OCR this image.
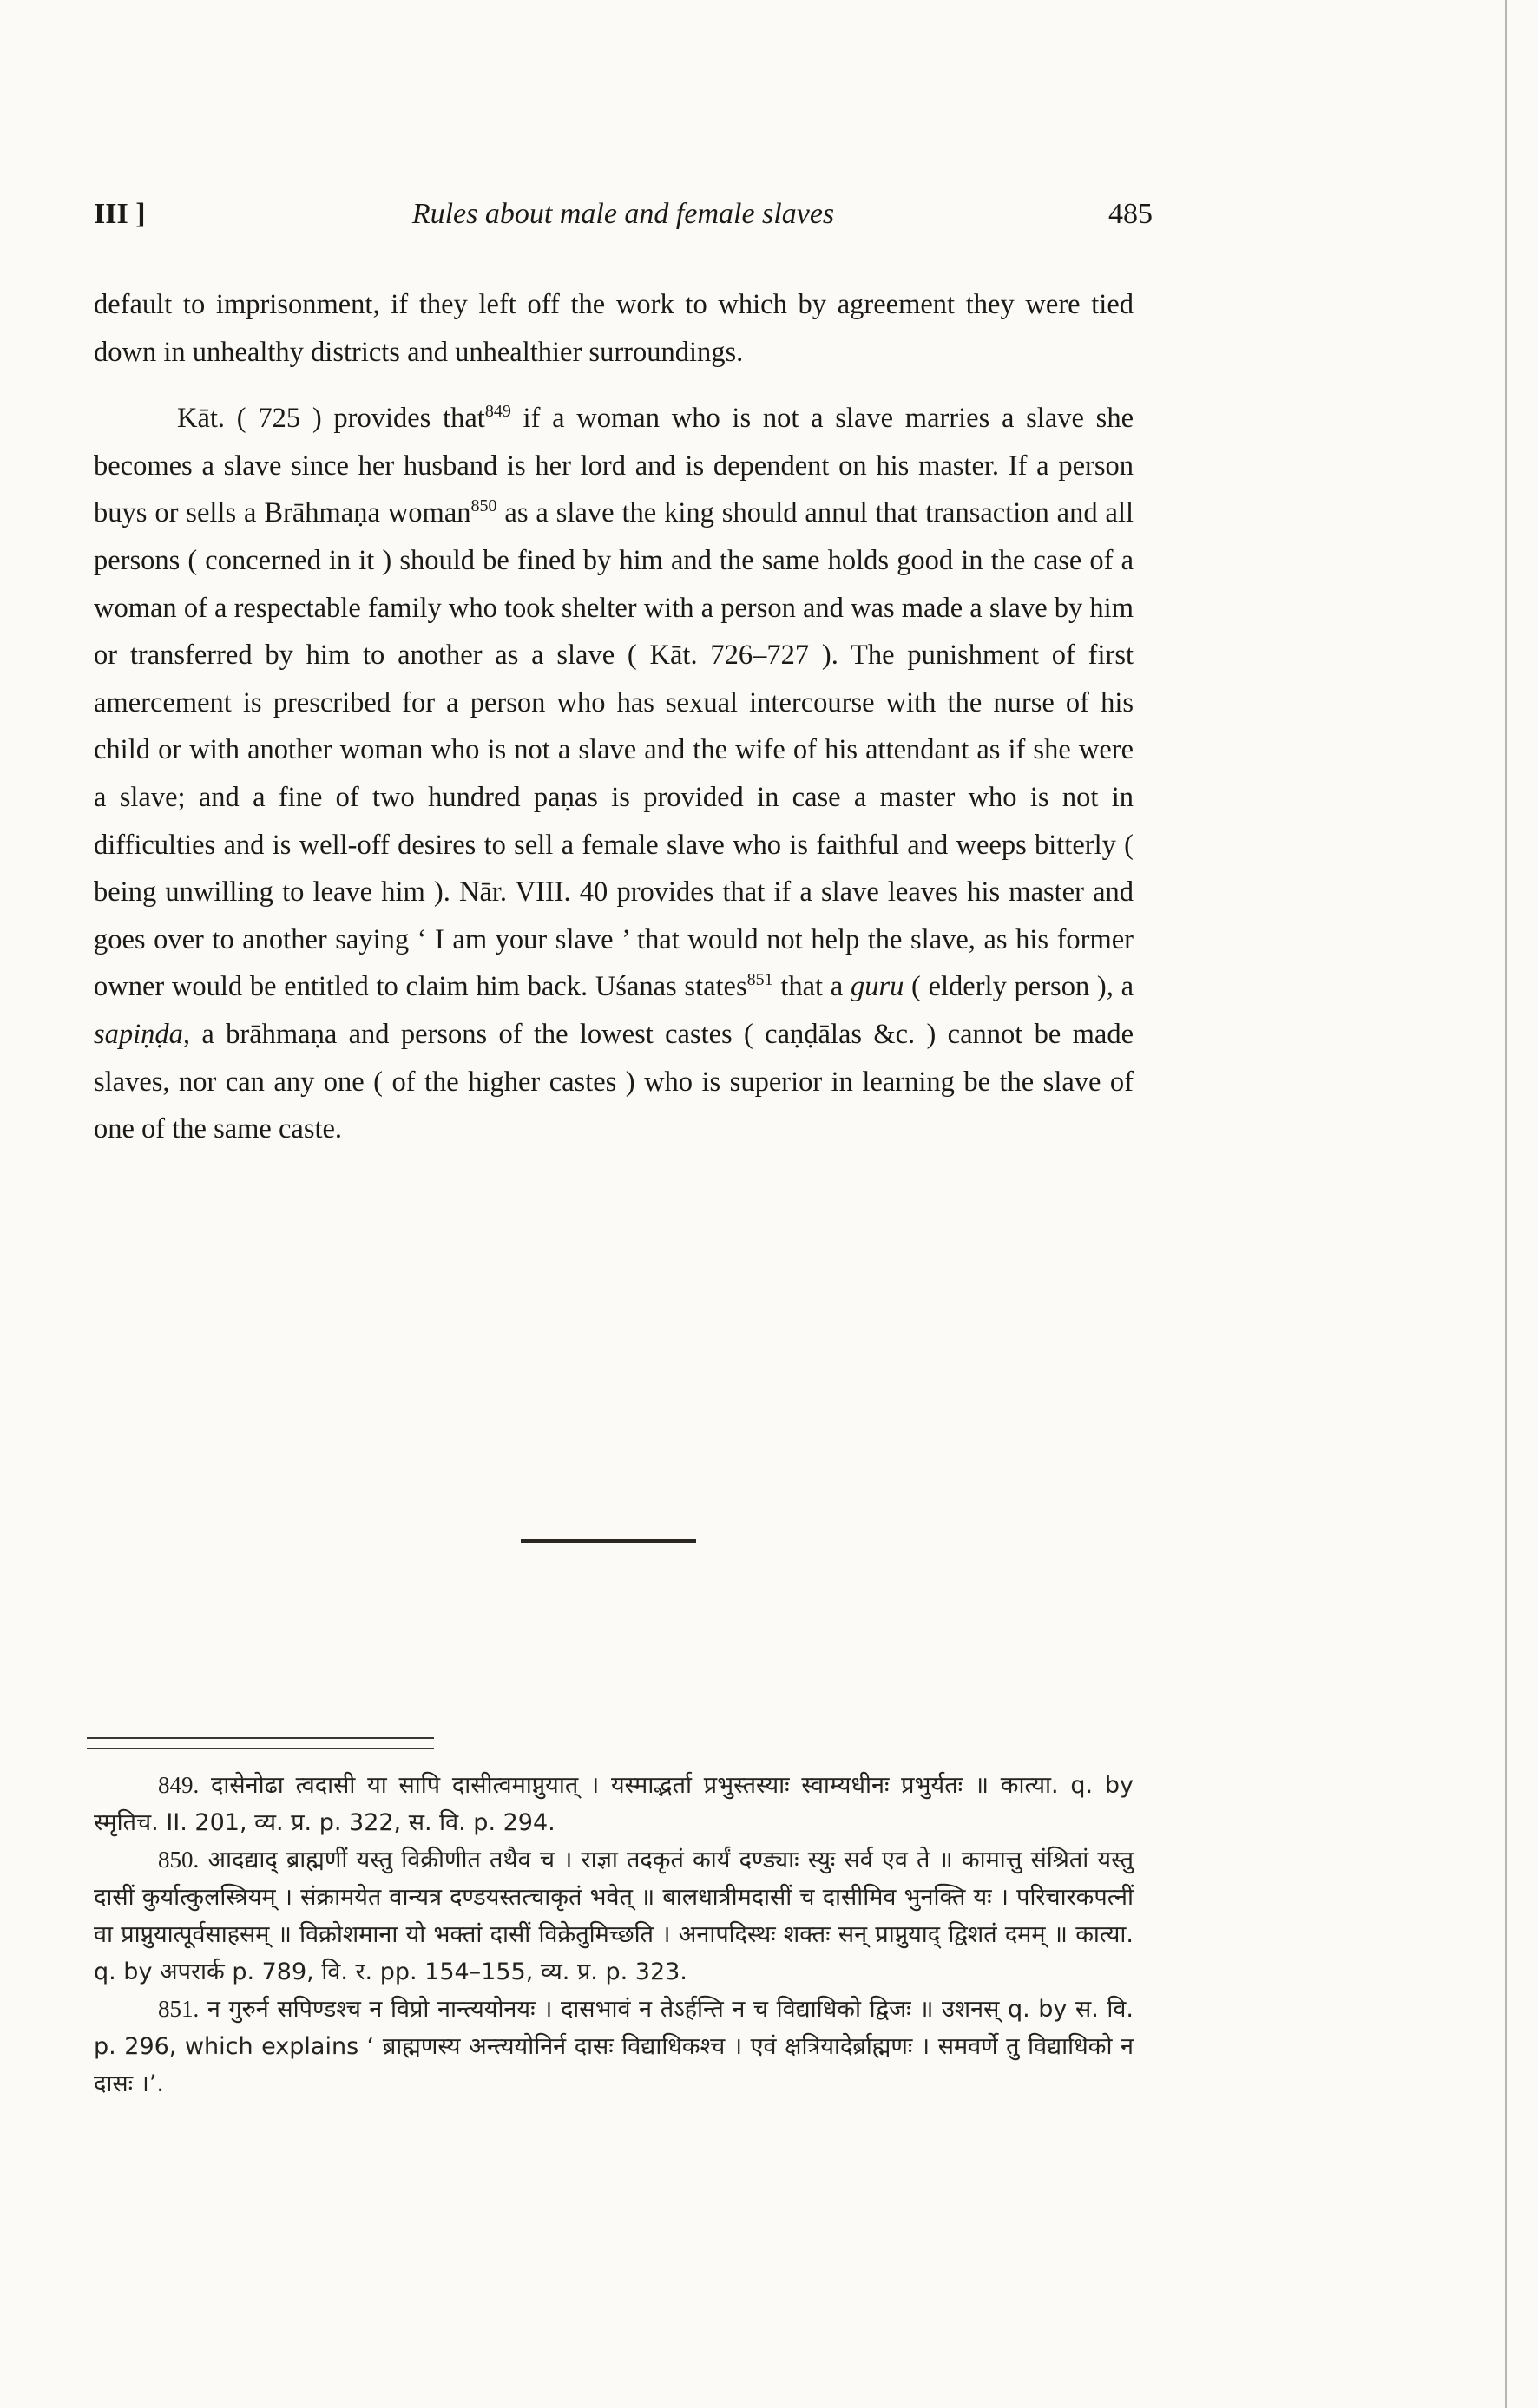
III ]	Rules about male and female slaves	485

default to imprisonment, if they left off the work to which by agreement they were tied down in unhealthy districts and unhealthier surroundings.

Kāt. ( 725 ) provides that$^{849}$ if a woman who is not a slave marries a slave she becomes a slave since her husband is her lord and is dependent on his master. If a person buys or sells a Brāhmaṇa woman$^{850}$ as a slave the king should annul that transaction and all persons ( concerned in it ) should be fined by him and the same holds good in the case of a woman of a respectable family who took shelter with a person and was made a slave by him or transferred by him to another as a slave ( Kāt. 726–727 ). The punishment of first amercement is prescribed for a person who has sexual intercourse with the nurse of his child or with another woman who is not a slave and the wife of his attendant as if she were a slave; and a fine of two hundred paṇas is provided in case a master who is not in difficulties and is well-off desires to sell a female slave who is faithful and weeps bitterly ( being unwilling to leave him ). Nār. VIII. 40 provides that if a slave leaves his master and goes over to another saying ‘ I am your slave ’ that would not help the slave, as his former owner would be entitled to claim him back. Uśanas states$^{851}$ that a guru ( elderly person ), a sapiṇḍa, a brāhmaṇa and persons of the lowest castes ( caṇḍālas &c. ) cannot be made slaves, nor can any one ( of the higher castes ) who is superior in learning be the slave of one of the same caste.

849. दासेनोढा त्वदासी या सापि दासीत्वमाप्नुयात् । यस्माद्भर्ता प्रभुस्तस्याः स्वाम्यधीनः प्रभुर्यतः ॥ कात्या. q. by स्मृतिच. II. 201, व्य. प्र. p. 322, स. वि. p. 294.

850. आदद्याद् ब्राह्मणीं यस्तु विक्रीणीत तथैव च । राज्ञा तदकृतं कार्यं दण्ड्याः स्युः सर्व एव ते ॥ कामात्तु संश्रितां यस्तु दासीं कुर्यात्कुलस्त्रियम् । संक्रामयेत वान्यत्र दण्डयस्तत्चाकृतं भवेत् ॥ बालधात्रीमदासीं च दासीमिव भुनक्ति यः । परिचारकपत्नीं वा प्राप्नुयात्पूर्वसाहसम् ॥ विक्रोशमाना यो भक्तां दासीं विक्रेतुमिच्छति । अनापदिस्थः शक्तः सन् प्राप्नुयाद् द्विशतं दमम् ॥ कात्या. q. by अपरार्क p. 789, वि. र. pp. 154–155, व्य. प्र. p. 323.

851. न गुरुर्न सपिण्डश्च न विप्रो नान्त्ययोनयः । दासभावं न तेऽर्हन्ति न च विद्याधिको द्विजः ॥ उशनस् q. by स. वि. p. 296, which explains ‘ ब्राह्मणस्य अन्त्ययोनिर्न दासः विद्याधिकश्च । एवं क्षत्रियादेर्ब्राह्मणः । समवर्णे तु विद्याधिको न दासः ।’.
